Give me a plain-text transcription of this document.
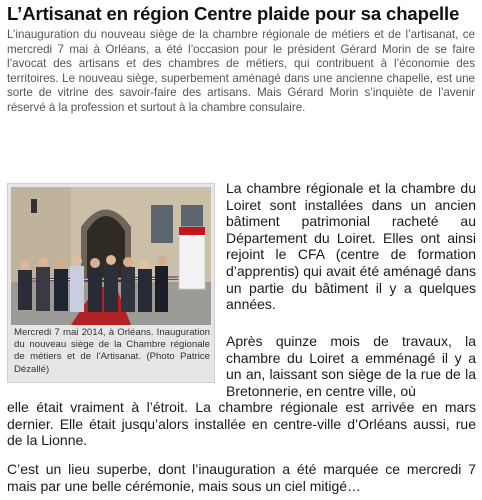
L’Artisanat en région Centre plaide pour sa chapelle

L’inauguration du nouveau siège de la chambre régionale de métiers et de l’artisanat, ce mercredi 7 mai à Orléans, a été l’occasion pour le président Gérard Morin de se faire l’avocat des artisans et des chambres de métiers, qui contribuent à l’économie des territoires. Le nouveau siège, superbement aménagé dans une ancienne chapelle, est une sorte de vitrine des savoir-faire des artisans. Mais Gérard Morin s’inquiète de l’avenir réservé à la profession et surtout à la chambre consulaire.

Mercredi 7 mai 2014, à Orléans. Inauguration du nouveau siège de la Chambre régionale de métiers et de l'Artisanat. (Photo Patrice Dézallé)

La chambre régionale et la chambre du Loiret sont installées dans un ancien bâtiment patrimonial racheté au Département du Loiret. Elles ont ainsi rejoint le CFA (centre de formation d’apprentis) qui avait été aménagé dans un partie du bâtiment il y a quelques années.

Après quinze mois de travaux, la chambre du Loiret a emménagé il y a un an, laissant son siège de la rue de la Bretonnerie, en centre ville, où

elle était vraiment à l’étroit. La chambre régionale est arrivée en mars dernier. Elle était jusqu’alors installée en centre-ville d’Orléans aussi, rue de la Lionne.

C’est un lieu superbe, dont l’inauguration a été marquée ce mercredi 7 mais par une belle cérémonie, mais sous un ciel mitigé…
